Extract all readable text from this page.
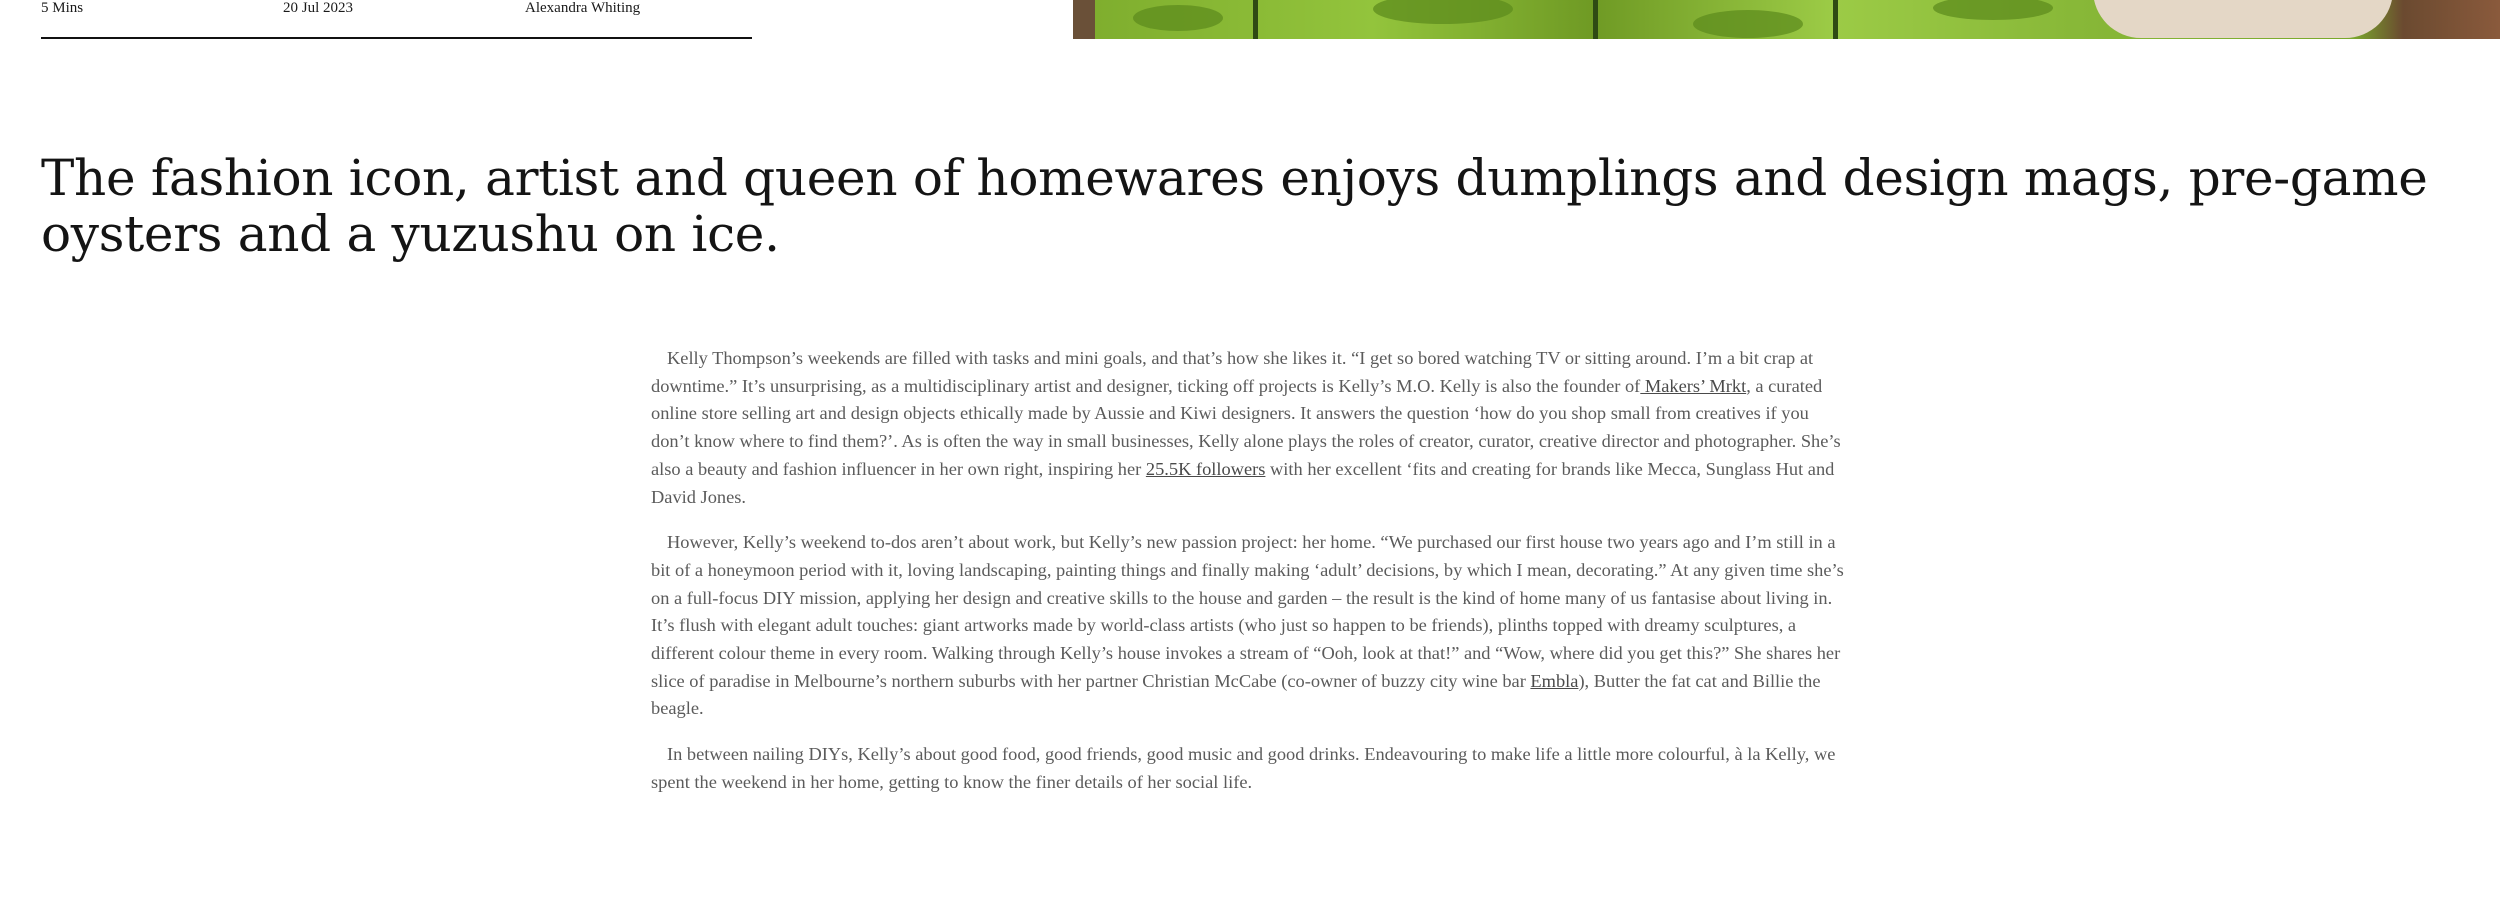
5 Mins	20 Jul 2023	Alexandra Whiting
The fashion icon, artist and queen of homewares enjoys dumplings and design mags, pre-game oysters and a yuzushu on ice.

Kelly Thompson’s weekends are filled with tasks and mini goals, and that’s how she likes it. “I get so bored watching TV or sitting around. I’m a bit crap at downtime.” It’s unsurprising, as a multidisciplinary artist and designer, ticking off projects is Kelly’s M.O. Kelly is also the founder of Makers’ Mrkt, a curated online store selling art and design objects ethically made by Aussie and Kiwi designers. It answers the question ‘how do you shop small from creatives if you don’t know where to find them?’. As is often the way in small businesses, Kelly alone plays the roles of creator, curator, creative director and photographer. She’s also a beauty and fashion influencer in her own right, inspiring her 25.5K followers with her excellent ‘fits and creating for brands like Mecca, Sunglass Hut and David Jones.

However, Kelly’s weekend to-dos aren’t about work, but Kelly’s new passion project: her home. “We purchased our first house two years ago and I’m still in a bit of a honeymoon period with it, loving landscaping, painting things and finally making ‘adult’ decisions, by which I mean, decorating.” At any given time she’s on a full-focus DIY mission, applying her design and creative skills to the house and garden – the result is the kind of home many of us fantasise about living in. It’s flush with elegant adult touches: giant artworks made by world-class artists (who just so happen to be friends), plinths topped with dreamy sculptures, a different colour theme in every room. Walking through Kelly’s house invokes a stream of “Ooh, look at that!” and “Wow, where did you get this?” She shares her slice of paradise in Melbourne’s northern suburbs with her partner Christian McCabe (co-owner of buzzy city wine bar Embla), Butter the fat cat and Billie the beagle.

In between nailing DIYs, Kelly’s about good food, good friends, good music and good drinks. Endeavouring to make life a little more colourful, à la Kelly, we spent the weekend in her home, getting to know the finer details of her social life.
